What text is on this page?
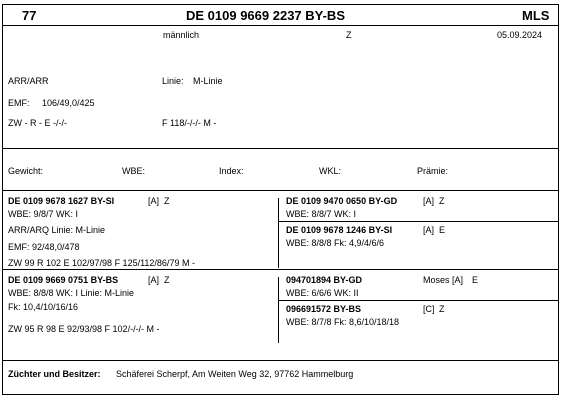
77	DE 0109 9669 2237 BY-BS	MLS
männlich	Z	05.09.2024
ARR/ARR	Linie: M-Linie
EMF: 106/49,0/425
ZW - R - E -/-/-	F 118/-/-/- M -
Gewicht:	WBE:	Index:	WKL:	Prämie:
DE 0109 9678 1627 BY-SI	[A] Z
WBE: 9/8/7 WK: I
ARR/ARQ Linie: M-Linie
EMF: 92/48,0/478
ZW 99 R 102 E 102/97/98 F 125/112/86/79 M -
DE 0109 9470 0650 BY-GD	[A] Z
WBE: 8/8/7 WK: I
DE 0109 9678 1246 BY-SI	[A] E
WBE: 8/8/8 Fk: 4,9/4/6/6
DE 0109 9669 0751 BY-BS	[A] Z
WBE: 8/8/8 WK: I Linie: M-Linie
Fk: 10,4/10/16/16
ZW 95 R 98 E 92/93/98 F 102/-/-/- M -
094701894 BY-GD	Moses [A] E
WBE: 6/6/6 WK: II
096691572 BY-BS	[C] Z
WBE: 8/7/8 Fk: 8,6/10/18/18
Züchter und Besitzer: Schäferei Scherpf, Am Weiten Weg 32, 97762 Hammelburg
